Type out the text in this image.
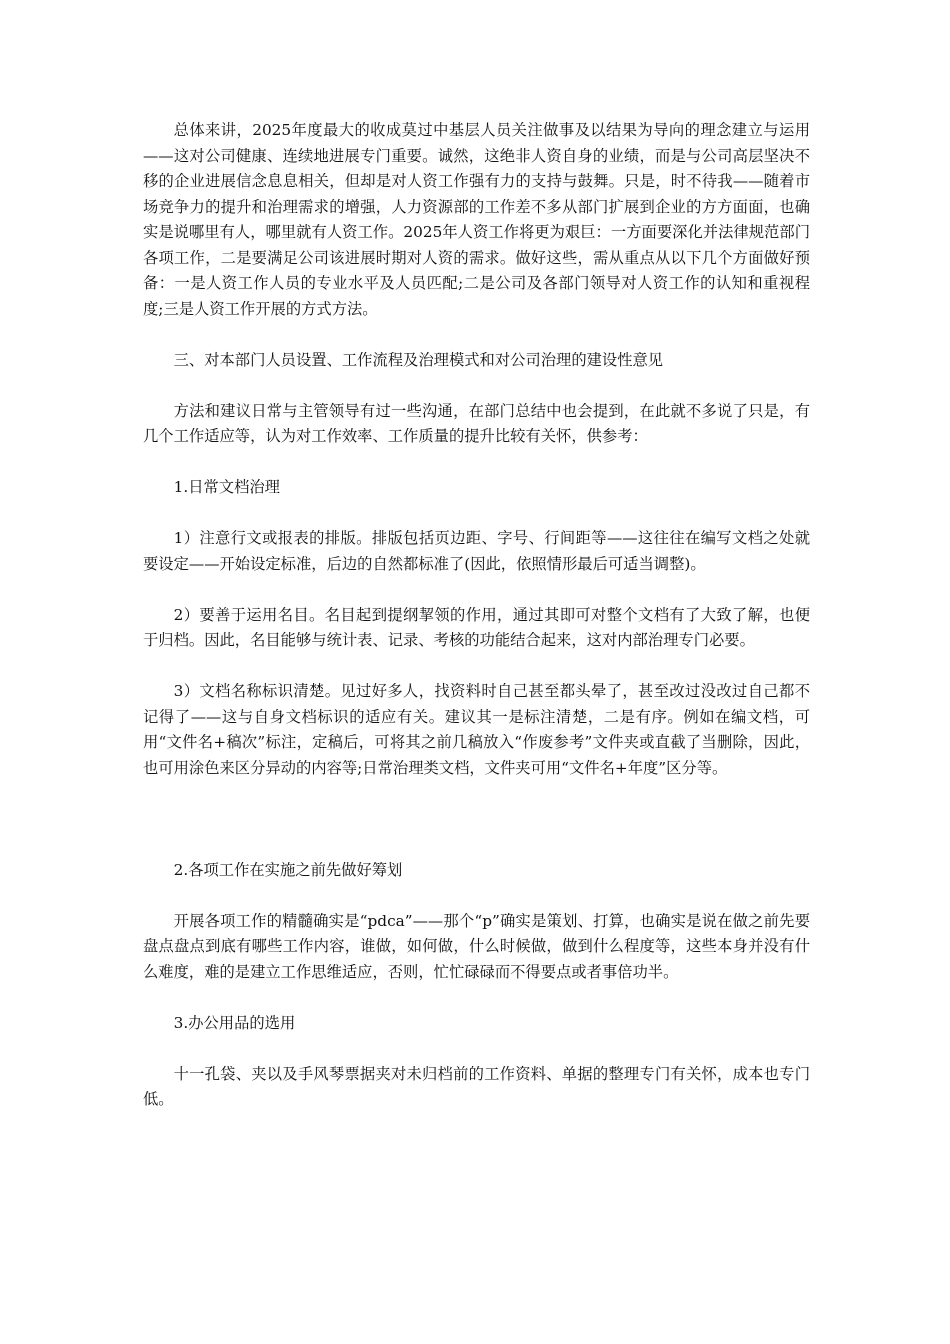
总体来讲，2025年度最大的收成莫过中基层人员关注做事及以结果为导向的理念建立与运用——这对公司健康、连续地进展专门重要。诚然，这绝非人资自身的业绩，而是与公司高层坚决不移的企业进展信念息息相关，但却是对人资工作强有力的支持与鼓舞。只是，时不待我——随着市场竞争力的提升和治理需求的增强，人力资源部的工作差不多从部门扩展到企业的方方面面，也确实是说哪里有人，哪里就有人资工作。2025年人资工作将更为艰巨：一方面要深化并法律规范部门各项工作，二是要满足公司该进展时期对人资的需求。做好这些，需从重点从以下几个方面做好预备：一是人资工作人员的专业水平及人员匹配;二是公司及各部门领导对人资工作的认知和重视程度;三是人资工作开展的方式方法。

三、对本部门人员设置、工作流程及治理模式和对公司治理的建设性意见

方法和建议日常与主管领导有过一些沟通，在部门总结中也会提到，在此就不多说了只是，有几个工作适应等，认为对工作效率、工作质量的提升比较有关怀，供参考：

1.日常文档治理

1）注意行文或报表的排版。排版包括页边距、字号、行间距等——这往往在编写文档之处就要设定——开始设定标准，后边的自然都标准了(因此，依照情形最后可适当调整)。

2）要善于运用名目。名目起到提纲挈领的作用，通过其即可对整个文档有了大致了解，也便于归档。因此，名目能够与统计表、记录、考核的功能结合起来，这对内部治理专门必要。

3）文档名称标识清楚。见过好多人，找资料时自己甚至都头晕了，甚至改过没改过自己都不记得了——这与自身文档标识的适应有关。建议其一是标注清楚，二是有序。例如在编文档，可用“文件名+稿次”标注，定稿后，可将其之前几稿放入“作废参考”文件夹或直截了当删除，因此，也可用涂色来区分异动的内容等;日常治理类文档，文件夹可用“文件名+年度”区分等。

2.各项工作在实施之前先做好筹划

开展各项工作的精髓确实是“pdca”——那个“p”确实是策划、打算，也确实是说在做之前先要盘点盘点到底有哪些工作内容，谁做，如何做，什么时候做，做到什么程度等，这些本身并没有什么难度，难的是建立工作思维适应，否则，忙忙碌碌而不得要点或者事倍功半。

3.办公用品的选用

十一孔袋、夹以及手风琴票据夹对未归档前的工作资料、单据的整理专门有关怀，成本也专门低。
